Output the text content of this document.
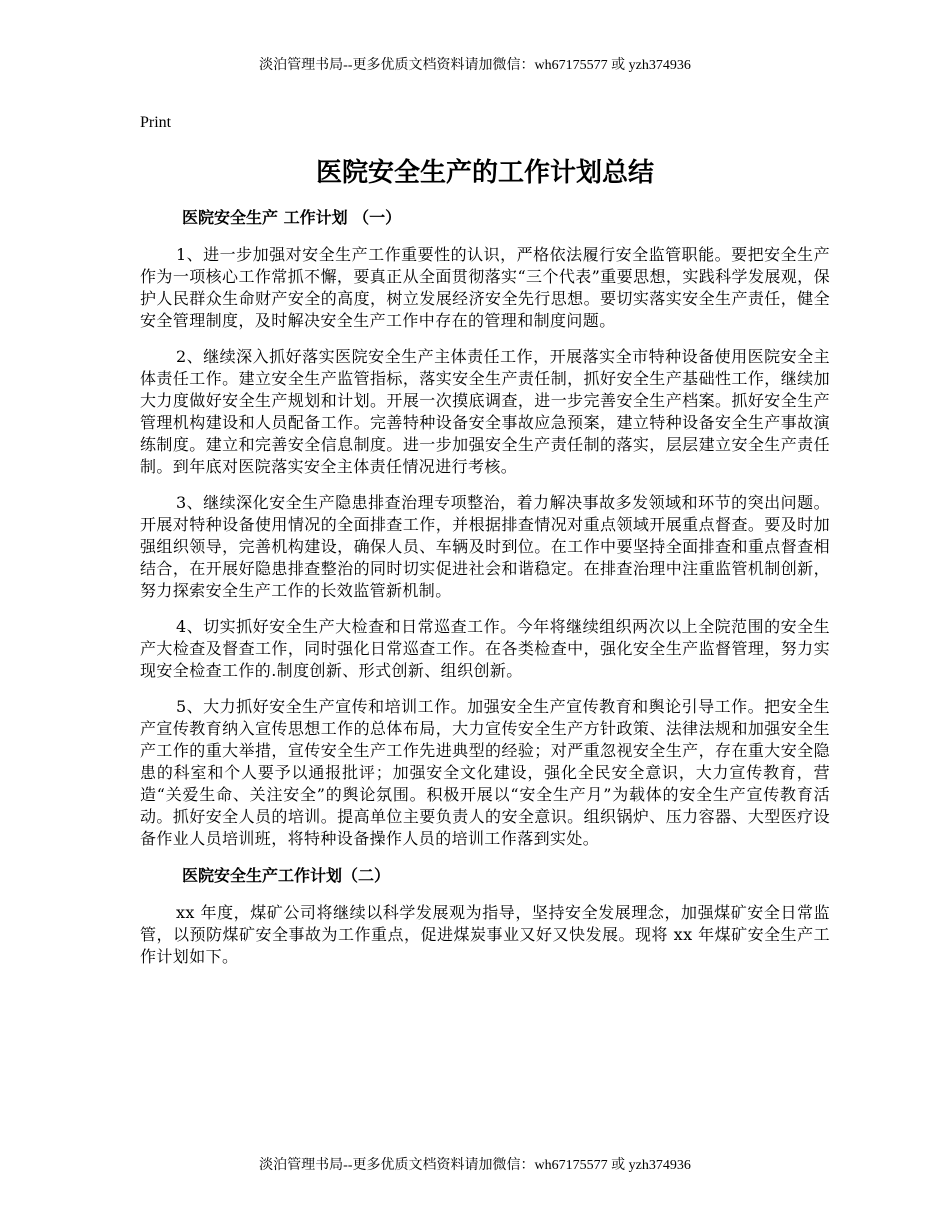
淡泊管理书局--更多优质文档资料请加微信：wh67175577 或 yzh374936
Print
医院安全生产的工作计划总结
医院安全生产 工作计划 （一）

1、进一步加强对安全生产工作重要性的认识，严格依法履行安全监管职能。要把安全生产作为一项核心工作常抓不懈，要真正从全面贯彻落实“三个代表”重要思想，实践科学发展观，保护人民群众生命财产安全的高度，树立发展经济安全先行思想。要切实落实安全生产责任，健全安全管理制度，及时解决安全生产工作中存在的管理和制度问题。

2、继续深入抓好落实医院安全生产主体责任工作，开展落实全市特种设备使用医院安全主体责任工作。建立安全生产监管指标，落实安全生产责任制，抓好安全生产基础性工作，继续加大力度做好安全生产规划和计划。开展一次摸底调查，进一步完善安全生产档案。抓好安全生产管理机构建设和人员配备工作。完善特种设备安全事故应急预案，建立特种设备安全生产事故演练制度。建立和完善安全信息制度。进一步加强安全生产责任制的落实，层层建立安全生产责任制。到年底对医院落实安全主体责任情况进行考核。

3、继续深化安全生产隐患排查治理专项整治，着力解决事故多发领域和环节的突出问题。开展对特种设备使用情况的全面排查工作，并根据排查情况对重点领域开展重点督查。要及时加强组织领导，完善机构建设，确保人员、车辆及时到位。在工作中要坚持全面排查和重点督查相结合，在开展好隐患排查整治的同时切实促进社会和谐稳定。在排查治理中注重监管机制创新，努力探索安全生产工作的长效监管新机制。

4、切实抓好安全生产大检查和日常巡查工作。今年将继续组织两次以上全院范围的安全生产大检查及督查工作，同时强化日常巡查工作。在各类检查中，强化安全生产监督管理，努力实现安全检查工作的.制度创新、形式创新、组织创新。

5、大力抓好安全生产宣传和培训工作。加强安全生产宣传教育和舆论引导工作。把安全生产宣传教育纳入宣传思想工作的总体布局，大力宣传安全生产方针政策、法律法规和加强安全生产工作的重大举措，宣传安全生产工作先进典型的经验；对严重忽视安全生产，存在重大安全隐患的科室和个人要予以通报批评；加强安全文化建设，强化全民安全意识，大力宣传教育，营造“关爱生命、关注安全”的舆论氛围。积极开展以“安全生产月”为载体的安全生产宣传教育活动。抓好安全人员的培训。提高单位主要负责人的安全意识。组织锅炉、压力容器、大型医疗设备作业人员培训班，将特种设备操作人员的培训工作落到实处。

医院安全生产工作计划（二）

xx 年度，煤矿公司将继续以科学发展观为指导，坚持安全发展理念，加强煤矿安全日常监管，以预防煤矿安全事故为工作重点，促进煤炭事业又好又快发展。现将 xx 年煤矿安全生产工作计划如下。

淡泊管理书局--更多优质文档资料请加微信：wh67175577 或 yzh374936
